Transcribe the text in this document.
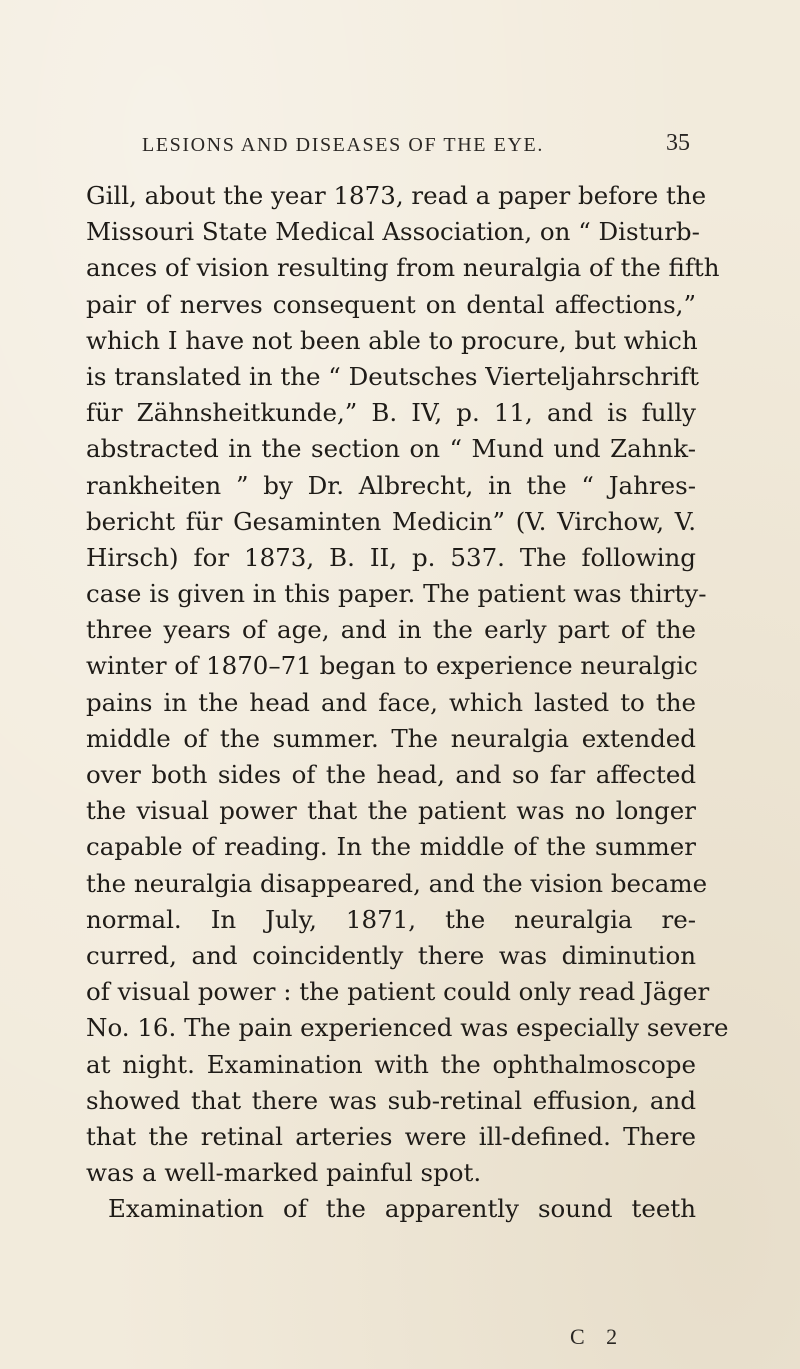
LESIONS AND DISEASES OF THE EYE.	35
Gill, about the year 1873, read a paper before the
Missouri State Medical Association, on “ Disturb-
ances of vision resulting from neuralgia of the fifth
pair of nerves consequent on dental affections,”
which I have not been able to procure, but which
is translated in the “ Deutsches Vierteljahrschrift
für Zähnsheitkunde,” B. IV, p. 11, and is fully
abstracted in the section on “ Mund und Zahnk-
rankheiten ” by Dr. Albrecht, in the “ Jahres-
bericht für Gesaminten Medicin” (V. Virchow, V.
Hirsch) for 1873, B. II, p. 537. The following
case is given in this paper. The patient was thirty-
three years of age, and in the early part of the
winter of 1870–71 began to experience neuralgic
pains in the head and face, which lasted to the
middle of the summer. The neuralgia extended
over both sides of the head, and so far affected
the visual power that the patient was no longer
capable of reading. In the middle of the summer
the neuralgia disappeared, and the vision became
normal. In July, 1871, the neuralgia re-
curred, and coincidently there was diminution
of visual power : the patient could only read Jäger
No. 16. The pain experienced was especially severe
at night. Examination with the ophthalmoscope
showed that there was sub-retinal effusion, and
that the retinal arteries were ill-defined. There
was a well-marked painful spot.
Examination of the apparently sound teeth
C 2
